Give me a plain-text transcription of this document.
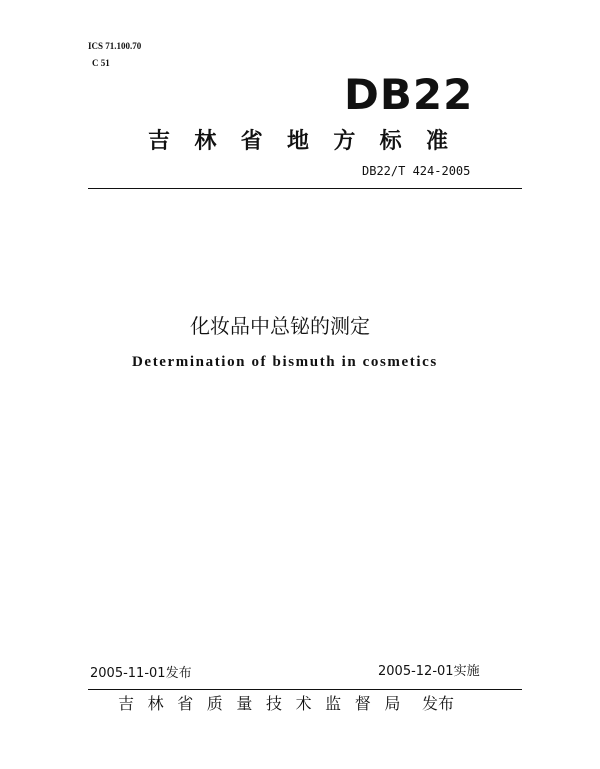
ICS 71.100.70
C 51
DB22
吉 林 省 地 方 标 准
DB22/T 424-2005
化妆品中总铋的测定
Determination of bismuth in cosmetics
2005-11-01发布	2005-12-01实施
吉 林 省 质 量 技 术 监 督 局 发布
